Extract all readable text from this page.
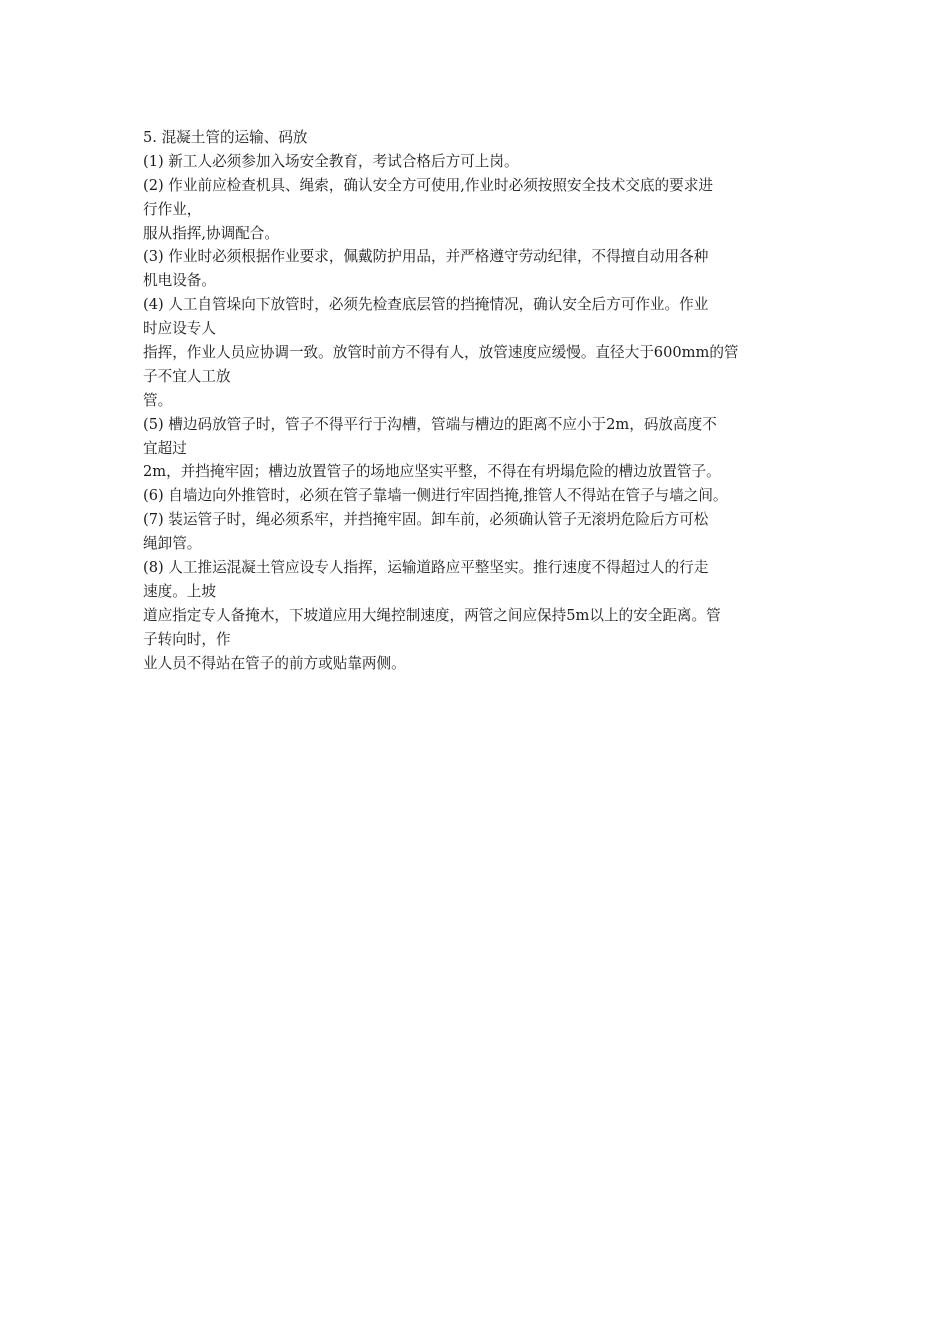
5. 混凝土管的运输、码放
(1) 新工人必须参加入场安全教育，考试合格后方可上岗。
(2) 作业前应检查机具、绳索，确认安全方可使用,作业时必须按照安全技术交底的要求进
行作业，
服从指挥,协调配合。
(3) 作业时必须根据作业要求，佩戴防护用品，并严格遵守劳动纪律，不得擅自动用各种
机电设备。
(4) 人工自管垛向下放管时，必须先检查底层管的挡掩情况，确认安全后方可作业。作业
时应设专人
指挥，作业人员应协调一致。放管时前方不得有人，放管速度应缓慢。直径大于600mm的管
子不宜人工放
管。
(5) 槽边码放管子时，管子不得平行于沟槽，管端与槽边的距离不应小于2m，码放高度不
宜超过
2m，并挡掩牢固；槽边放置管子的场地应坚实平整，不得在有坍塌危险的槽边放置管子。
(6) 自墙边向外推管时，必须在管子靠墙一侧进行牢固挡掩,推管人不得站在管子与墙之间。
(7) 装运管子时，绳必须系牢，并挡掩牢固。卸车前，必须确认管子无滚坍危险后方可松
绳卸管。
(8) 人工推运混凝土管应设专人指挥，运输道路应平整坚实。推行速度不得超过人的行走
速度。上坡
道应指定专人备掩木，下坡道应用大绳控制速度，两管之间应保持5m以上的安全距离。管
子转向时，作
业人员不得站在管子的前方或贴靠两侧。
